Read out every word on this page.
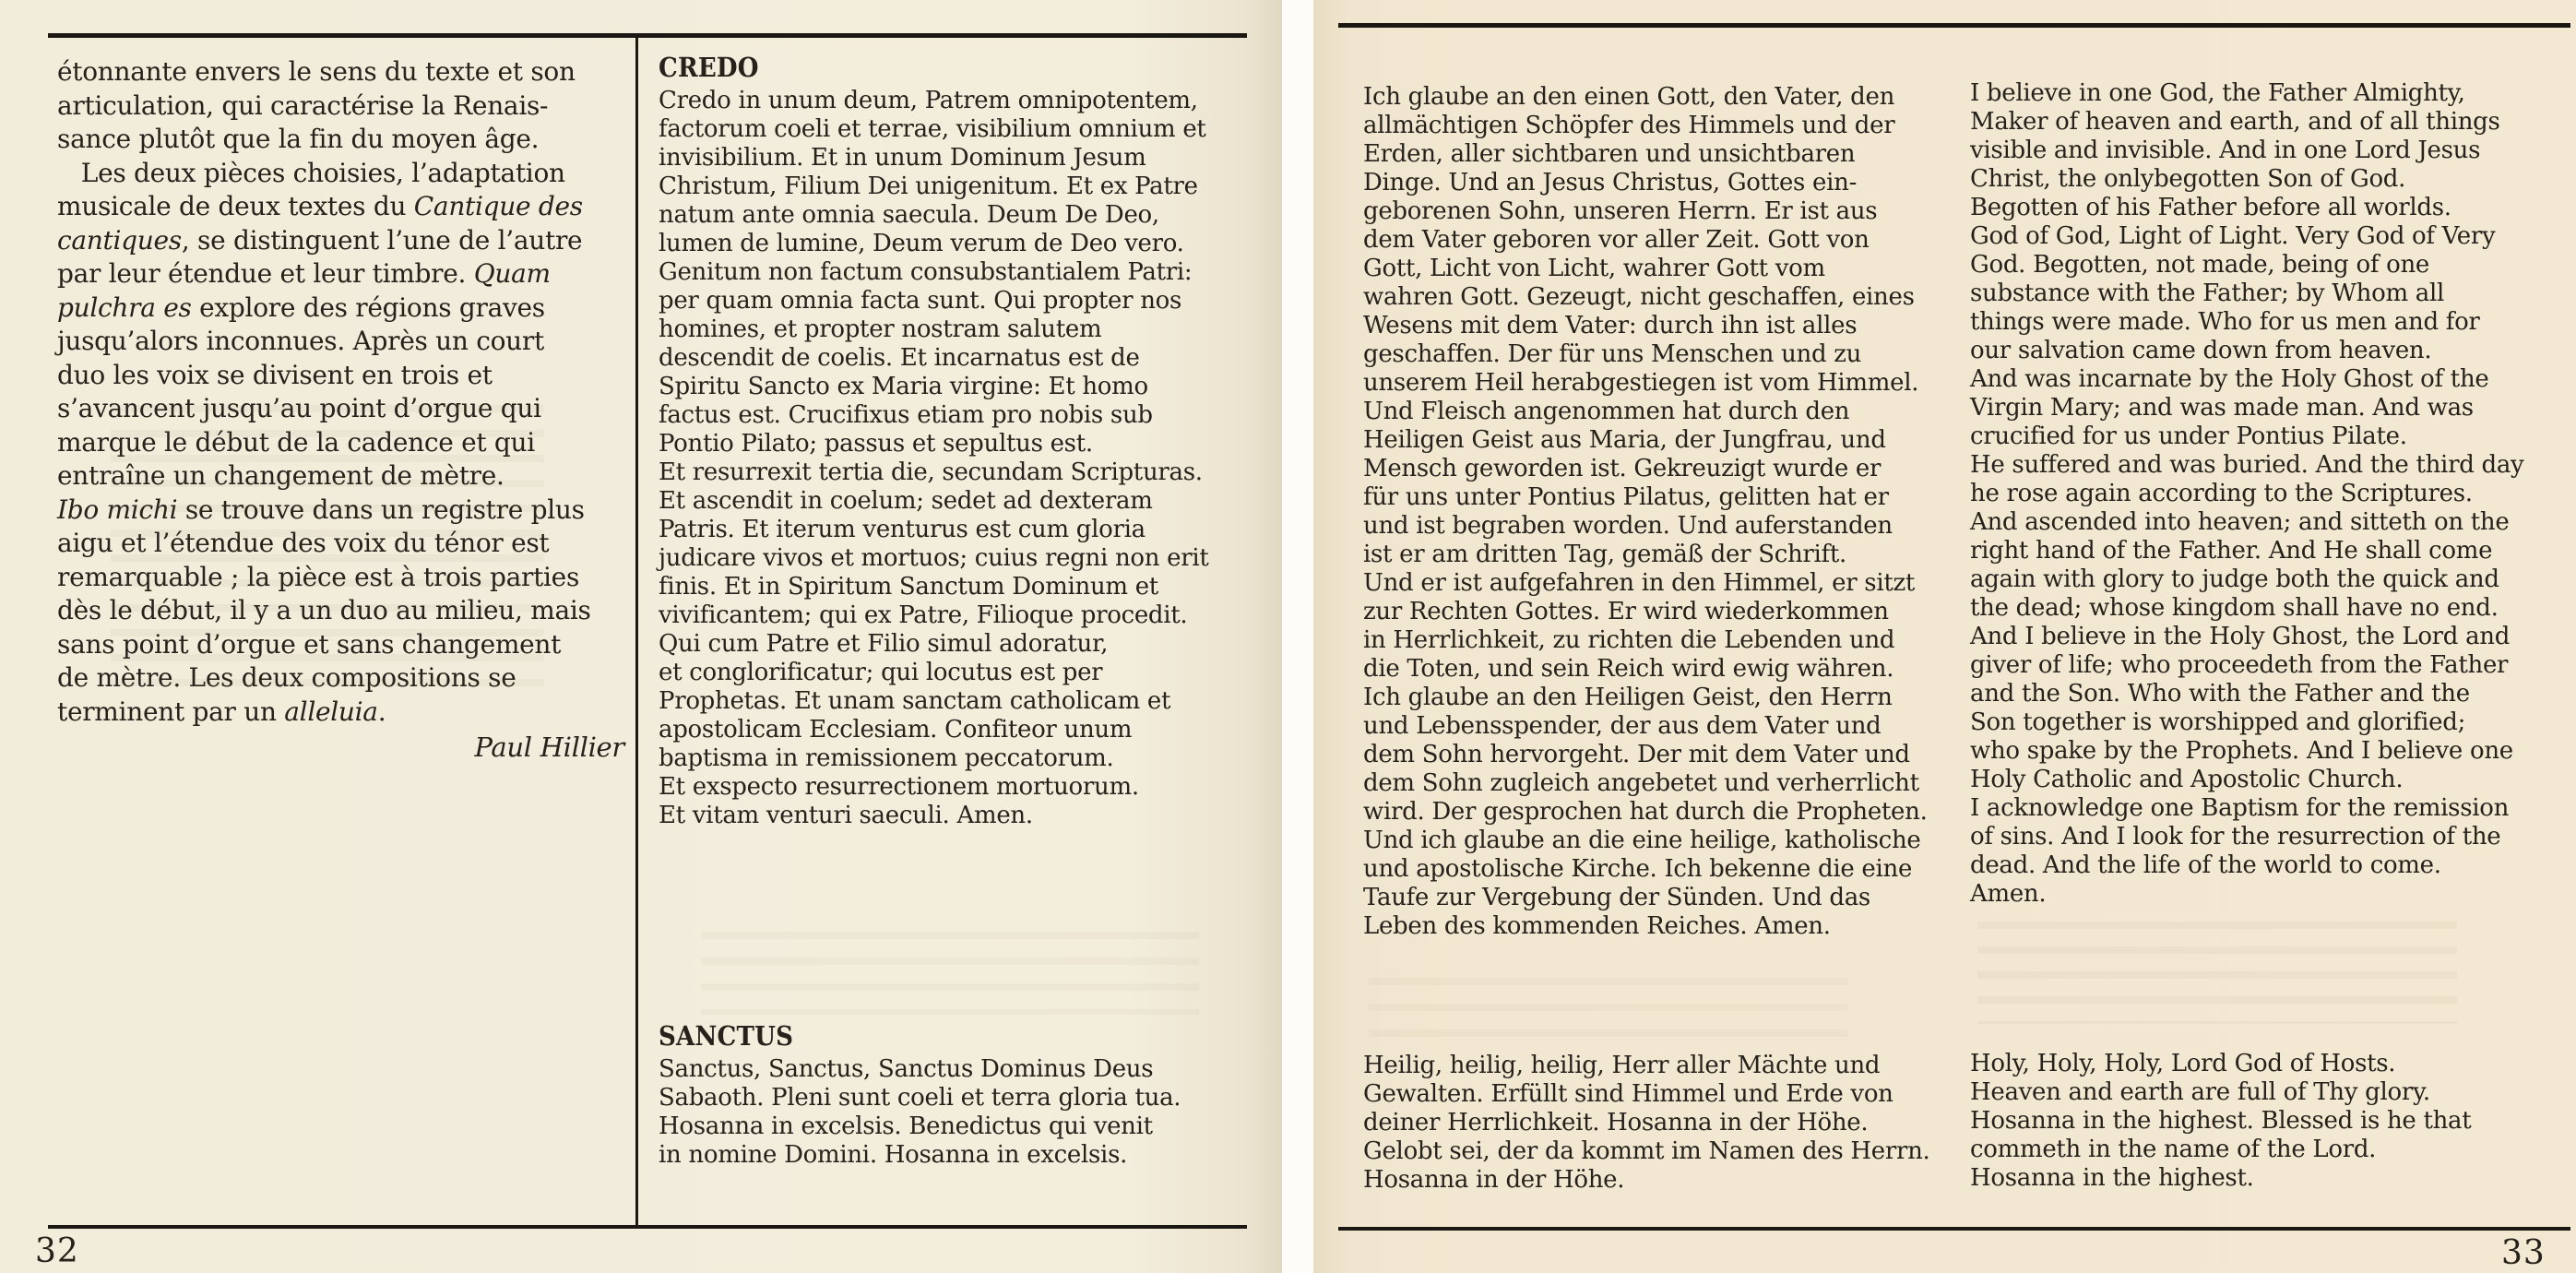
étonnante envers le sens du texte et son
articulation, qui caractérise la Renais-
sance plutôt que la fin du moyen âge.
Les deux pièces choisies, l’adaptation
musicale de deux textes du Cantique des
cantiques, se distinguent l’une de l’autre
par leur étendue et leur timbre. Quam
pulchra es explore des régions graves
jusqu’alors inconnues. Après un court
duo les voix se divisent en trois et
s’avancent jusqu’au point d’orgue qui
marque le début de la cadence et qui
entraîne un changement de mètre.
Ibo michi se trouve dans un registre plus
aigu et l’étendue des voix du ténor est
remarquable ; la pièce est à trois parties
dès le début, il y a un duo au milieu, mais
sans point d’orgue et sans changement
de mètre. Les deux compositions se
terminent par un alleluia.
Paul Hillier
CREDO
Credo in unum deum, Patrem omnipotentem,
factorum coeli et terrae, visibilium omnium et
invisibilium. Et in unum Dominum Jesum
Christum, Filium Dei unigenitum. Et ex Patre
natum ante omnia saecula. Deum De Deo,
lumen de lumine, Deum verum de Deo vero.
Genitum non factum consubstantialem Patri:
per quam omnia facta sunt. Qui propter nos
homines, et propter nostram salutem
descendit de coelis. Et incarnatus est de
Spiritu Sancto ex Maria virgine: Et homo
factus est. Crucifixus etiam pro nobis sub
Pontio Pilato; passus et sepultus est.
Et resurrexit tertia die, secundam Scripturas.
Et ascendit in coelum; sedet ad dexteram
Patris. Et iterum venturus est cum gloria
judicare vivos et mortuos; cuius regni non erit
finis. Et in Spiritum Sanctum Dominum et
vivificantem; qui ex Patre, Filioque procedit.
Qui cum Patre et Filio simul adoratur,
et conglorificatur; qui locutus est per
Prophetas. Et unam sanctam catholicam et
apostolicam Ecclesiam. Confiteor unum
baptisma in remissionem peccatorum.
Et exspecto resurrectionem mortuorum.
Et vitam venturi saeculi. Amen.
SANCTUS
Sanctus, Sanctus, Sanctus Dominus Deus
Sabaoth. Pleni sunt coeli et terra gloria tua.
Hosanna in excelsis. Benedictus qui venit
in nomine Domini. Hosanna in excelsis.
32
Ich glaube an den einen Gott, den Vater, den
allmächtigen Schöpfer des Himmels und der
Erden, aller sichtbaren und unsichtbaren
Dinge. Und an Jesus Christus, Gottes ein-
geborenen Sohn, unseren Herrn. Er ist aus
dem Vater geboren vor aller Zeit. Gott von
Gott, Licht von Licht, wahrer Gott vom
wahren Gott. Gezeugt, nicht geschaffen, eines
Wesens mit dem Vater: durch ihn ist alles
geschaffen. Der für uns Menschen und zu
unserem Heil herabgestiegen ist vom Himmel.
Und Fleisch angenommen hat durch den
Heiligen Geist aus Maria, der Jungfrau, und
Mensch geworden ist. Gekreuzigt wurde er
für uns unter Pontius Pilatus, gelitten hat er
und ist begraben worden. Und auferstanden
ist er am dritten Tag, gemäß der Schrift.
Und er ist aufgefahren in den Himmel, er sitzt
zur Rechten Gottes. Er wird wiederkommen
in Herrlichkeit, zu richten die Lebenden und
die Toten, und sein Reich wird ewig währen.
Ich glaube an den Heiligen Geist, den Herrn
und Lebensspender, der aus dem Vater und
dem Sohn hervorgeht. Der mit dem Vater und
dem Sohn zugleich angebetet und verherrlicht
wird. Der gesprochen hat durch die Propheten.
Und ich glaube an die eine heilige, katholische
und apostolische Kirche. Ich bekenne die eine
Taufe zur Vergebung der Sünden. Und das
Leben des kommenden Reiches. Amen.
Heilig, heilig, heilig, Herr aller Mächte und
Gewalten. Erfüllt sind Himmel und Erde von
deiner Herrlichkeit. Hosanna in der Höhe.
Gelobt sei, der da kommt im Namen des Herrn.
Hosanna in der Höhe.
I believe in one God, the Father Almighty,
Maker of heaven and earth, and of all things
visible and invisible. And in one Lord Jesus
Christ, the onlybegotten Son of God.
Begotten of his Father before all worlds.
God of God, Light of Light. Very God of Very
God. Begotten, not made, being of one
substance with the Father; by Whom all
things were made. Who for us men and for
our salvation came down from heaven.
And was incarnate by the Holy Ghost of the
Virgin Mary; and was made man. And was
crucified for us under Pontius Pilate.
He suffered and was buried. And the third day
he rose again according to the Scriptures.
And ascended into heaven; and sitteth on the
right hand of the Father. And He shall come
again with glory to judge both the quick and
the dead; whose kingdom shall have no end.
And I believe in the Holy Ghost, the Lord and
giver of life; who proceedeth from the Father
and the Son. Who with the Father and the
Son together is worshipped and glorified;
who spake by the Prophets. And I believe one
Holy Catholic and Apostolic Church.
I acknowledge one Baptism for the remission
of sins. And I look for the resurrection of the
dead. And the life of the world to come.
Amen.
Holy, Holy, Holy, Lord God of Hosts.
Heaven and earth are full of Thy glory.
Hosanna in the highest. Blessed is he that
commeth in the name of the Lord.
Hosanna in the highest.
33
